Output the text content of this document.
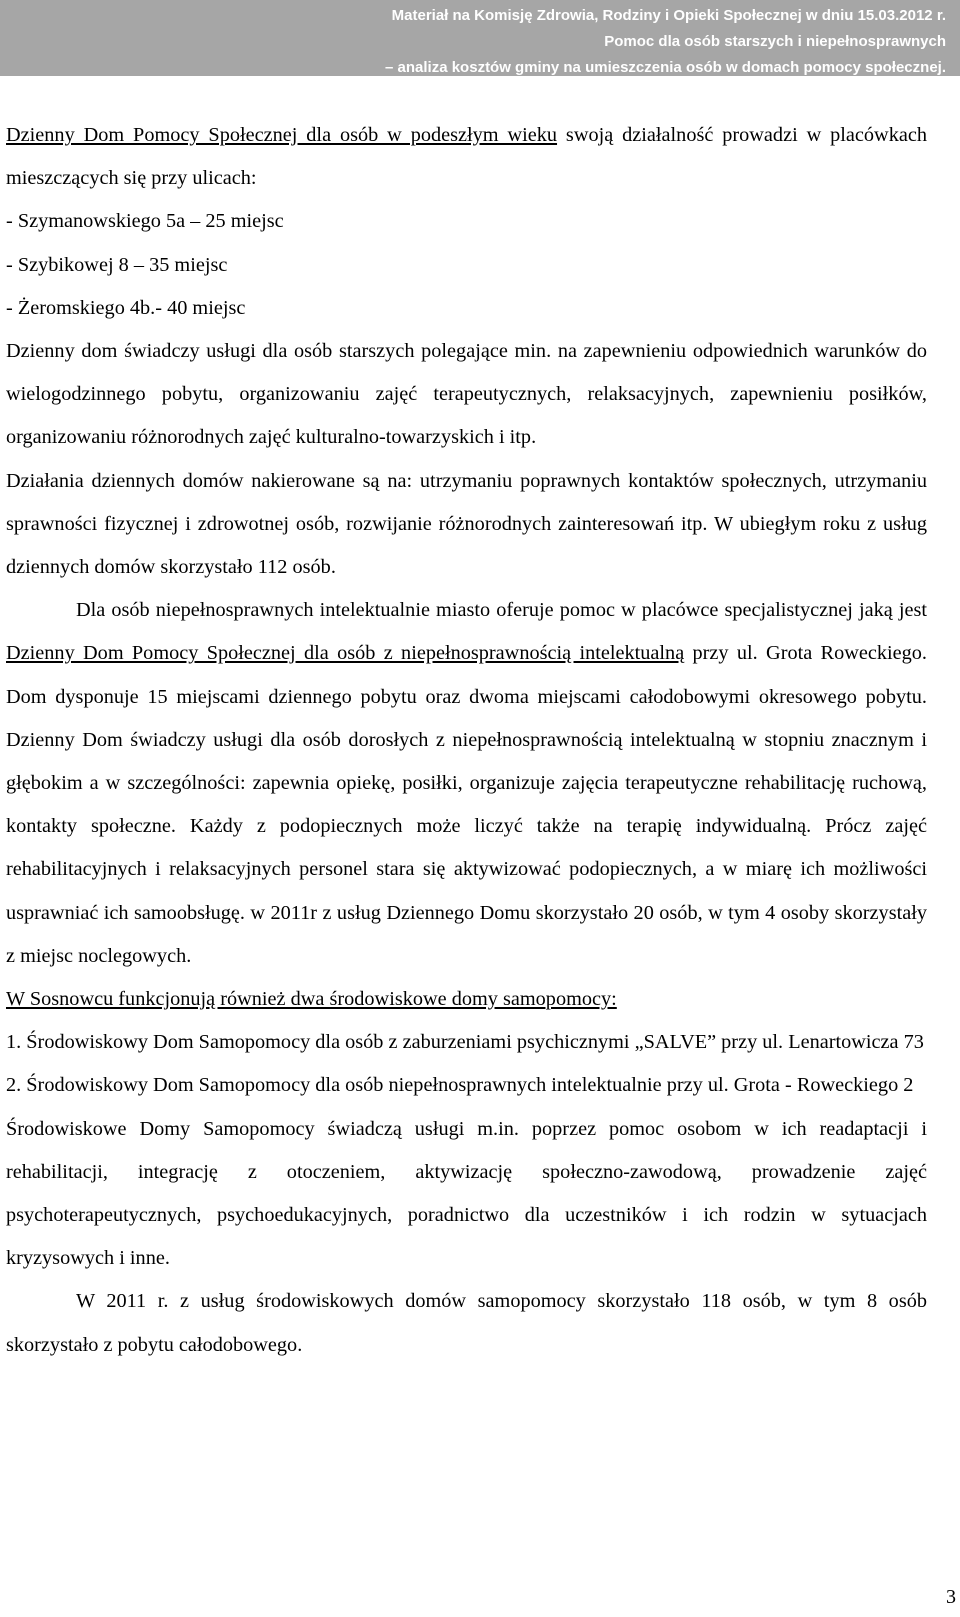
Materiał na Komisję Zdrowia, Rodziny i Opieki Społecznej w dniu 15.03.2012 r.
Pomoc dla osób starszych i niepełnosprawnych
– analiza kosztów gminy na umieszczenia osób w domach pomocy społecznej.

Dzienny Dom Pomocy Społecznej dla osób w podeszłym wieku swoją działalność prowadzi w placówkach mieszczących się przy ulicach:

- Szymanowskiego 5a – 25 miejsc

- Szybikowej 8 – 35 miejsc

- Żeromskiego 4b.- 40 miejsc

Dzienny dom świadczy usługi dla osób starszych polegające min. na zapewnieniu odpowiednich warunków do wielogodzinnego pobytu, organizowaniu zajęć terapeutycznych, relaksacyjnych, zapewnieniu posiłków, organizowaniu różnorodnych zajęć kulturalno-towarzyskich i itp.

Działania dziennych domów nakierowane są na: utrzymaniu poprawnych kontaktów społecznych, utrzymaniu sprawności fizycznej i zdrowotnej osób, rozwijanie różnorodnych zainteresowań itp. W ubiegłym roku z usług dziennych domów skorzystało 112 osób.

Dla osób niepełnosprawnych intelektualnie miasto oferuje pomoc w placówce specjalistycznej jaką jest Dzienny Dom Pomocy Społecznej dla osób z niepełnosprawnością intelektualną przy ul. Grota Roweckiego. Dom dysponuje 15 miejscami dziennego pobytu oraz dwoma miejscami całodobowymi okresowego pobytu. Dzienny Dom świadczy usługi dla osób dorosłych z niepełnosprawnością intelektualną w stopniu znacznym i głębokim a w szczególności: zapewnia opiekę, posiłki, organizuje zajęcia terapeutyczne rehabilitację ruchową, kontakty społeczne. Każdy z podopiecznych może liczyć także na terapię indywidualną. Prócz zajęć rehabilitacyjnych i relaksacyjnych personel stara się aktywizować podopiecznych, a w miarę ich możliwości usprawniać ich samoobsługę. w 2011r z usług Dziennego Domu skorzystało 20 osób, w tym 4 osoby skorzystały z miejsc noclegowych.

W Sosnowcu funkcjonują również dwa środowiskowe domy samopomocy:

1. Środowiskowy Dom Samopomocy dla osób z zaburzeniami psychicznymi „SALVE” przy ul. Lenartowicza 73

2. Środowiskowy Dom Samopomocy dla osób niepełnosprawnych intelektualnie przy ul. Grota - Roweckiego 2

Środowiskowe Domy Samopomocy świadczą usługi m.in. poprzez pomoc osobom w ich readaptacji i rehabilitacji, integrację z otoczeniem, aktywizację społeczno-zawodową, prowadzenie zajęć psychoterapeutycznych, psychoedukacyjnych, poradnictwo dla uczestników i ich rodzin w sytuacjach kryzysowych i inne.

W 2011 r. z usług środowiskowych domów samopomocy skorzystało 118 osób, w tym 8 osób skorzystało z pobytu całodobowego.

3
